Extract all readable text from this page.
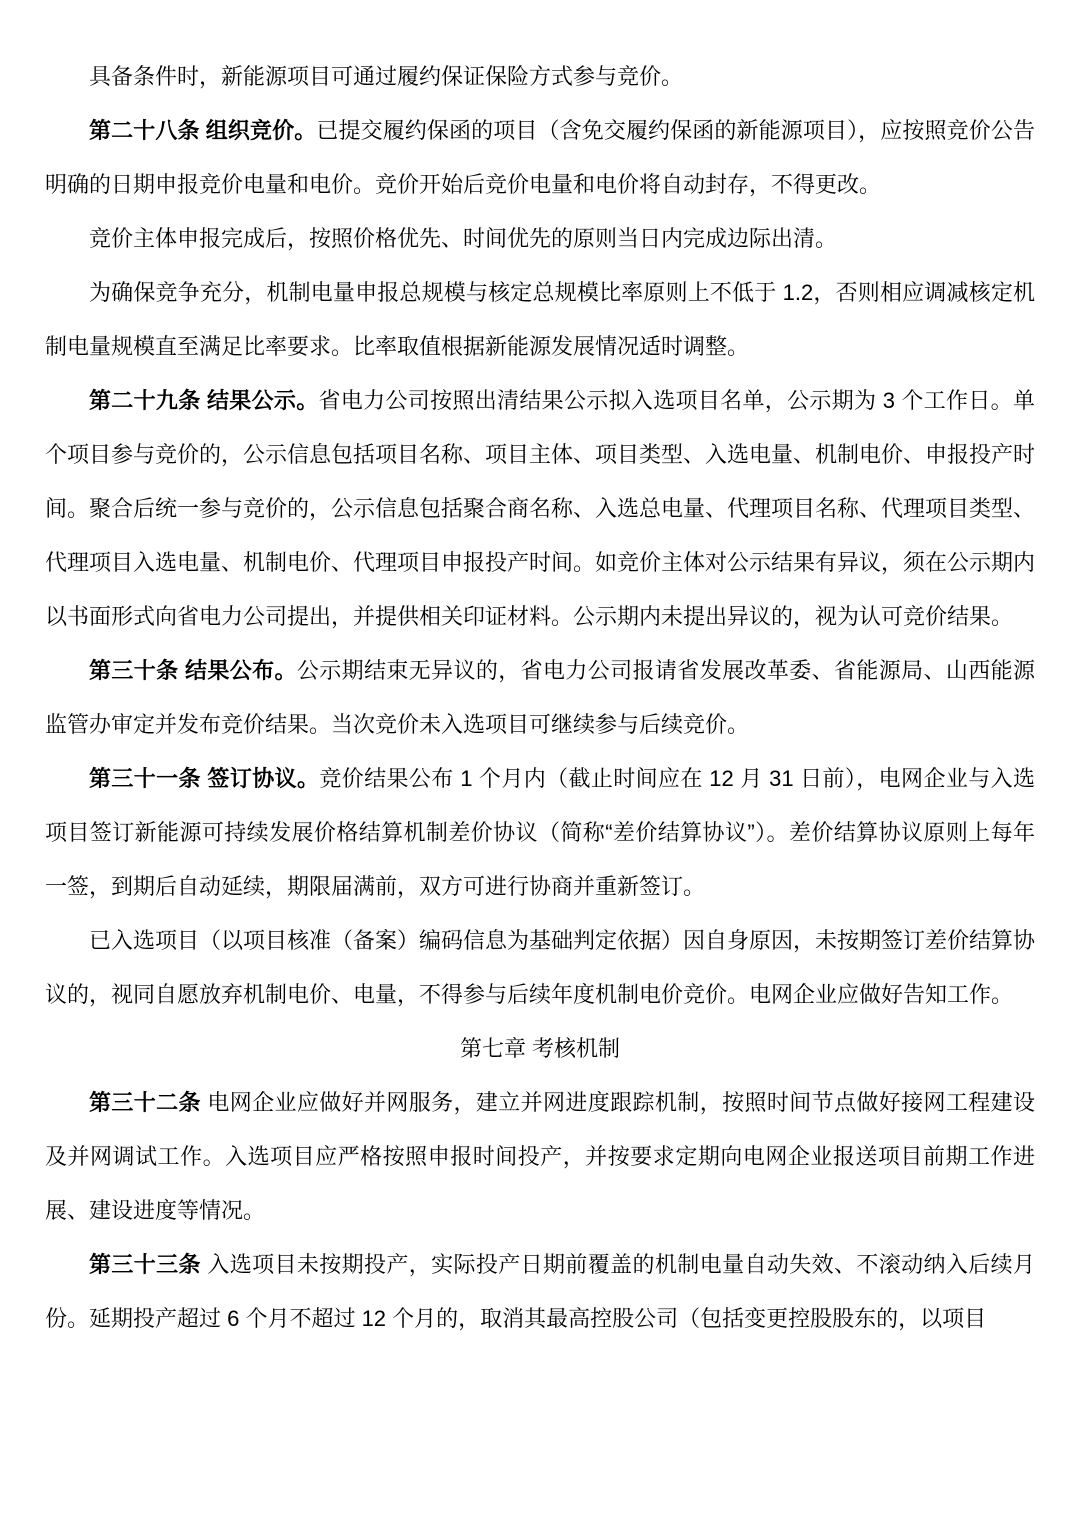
具备条件时，新能源项目可通过履约保证保险方式参与竞价。

第二十八条 组织竞价。已提交履约保函的项目（含免交履约保函的新能源项目），应按照竞价公告明确的日期申报竞价电量和电价。竞价开始后竞价电量和电价将自动封存，不得更改。

竞价主体申报完成后，按照价格优先、时间优先的原则当日内完成边际出清。

为确保竞争充分，机制电量申报总规模与核定总规模比率原则上不低于 1.2，否则相应调减核定机制电量规模直至满足比率要求。比率取值根据新能源发展情况适时调整。

第二十九条 结果公示。省电力公司按照出清结果公示拟入选项目名单，公示期为 3 个工作日。单个项目参与竞价的，公示信息包括项目名称、项目主体、项目类型、入选电量、机制电价、申报投产时间。聚合后统一参与竞价的，公示信息包括聚合商名称、入选总电量、代理项目名称、代理项目类型、代理项目入选电量、机制电价、代理项目申报投产时间。如竞价主体对公示结果有异议，须在公示期内以书面形式向省电力公司提出，并提供相关印证材料。公示期内未提出异议的，视为认可竞价结果。

第三十条 结果公布。公示期结束无异议的，省电力公司报请省发展改革委、省能源局、山西能源监管办审定并发布竞价结果。当次竞价未入选项目可继续参与后续竞价。

第三十一条 签订协议。竞价结果公布 1 个月内（截止时间应在 12 月 31 日前），电网企业与入选项目签订新能源可持续发展价格结算机制差价协议（简称“差价结算协议”）。差价结算协议原则上每年一签，到期后自动延续，期限届满前，双方可进行协商并重新签订。

已入选项目（以项目核准（备案）编码信息为基础判定依据）因自身原因，未按期签订差价结算协议的，视同自愿放弃机制电价、电量，不得参与后续年度机制电价竞价。电网企业应做好告知工作。

第七章 考核机制

第三十二条 电网企业应做好并网服务，建立并网进度跟踪机制，按照时间节点做好接网工程建设及并网调试工作。入选项目应严格按照申报时间投产，并按要求定期向电网企业报送项目前期工作进展、建设进度等情况。

第三十三条 入选项目未按期投产，实际投产日期前覆盖的机制电量自动失效、不滚动纳入后续月份。延期投产超过 6 个月不超过 12 个月的，取消其最高控股公司（包括变更控股股东的，以项目
